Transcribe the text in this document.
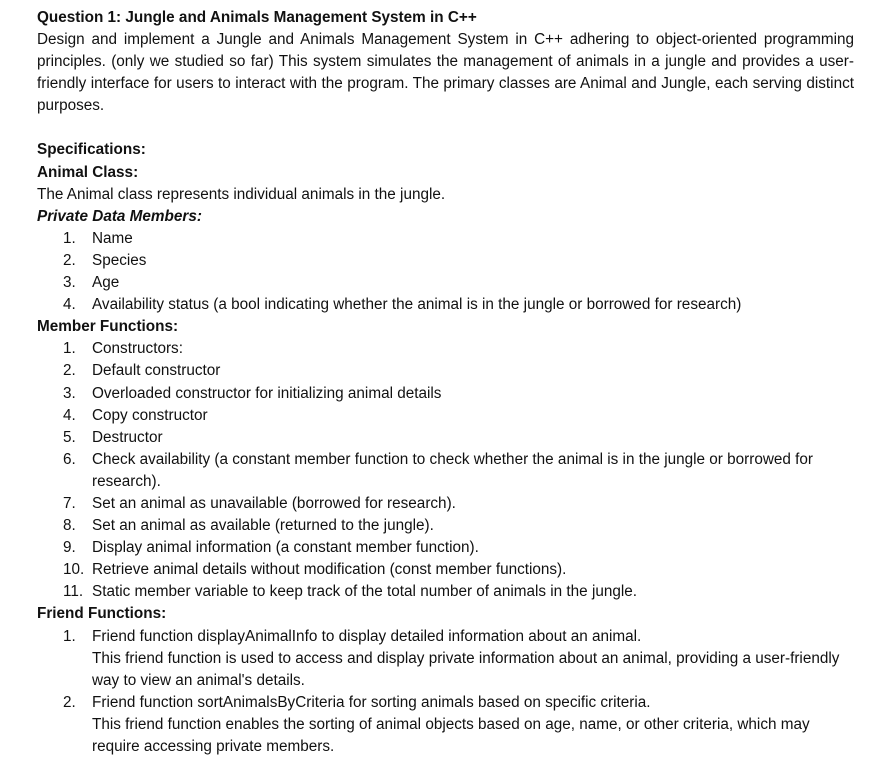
Question 1: Jungle and Animals Management System in C++
Design and implement a Jungle and Animals Management System in C++ adhering to object-oriented programming principles. (only we studied so far) This system simulates the management of animals in a jungle and provides a user-friendly interface for users to interact with the program. The primary classes are Animal and Jungle, each serving distinct purposes.
Specifications:
Animal Class:
The Animal class represents individual animals in the jungle.
Private Data Members:
1.	Name
2.	Species
3.	Age
4.	Availability status (a bool indicating whether the animal is in the jungle or borrowed for research)
Member Functions:
1.	Constructors:
2.	Default constructor
3.	Overloaded constructor for initializing animal details
4.	Copy constructor
5.	Destructor
6.	Check availability (a constant member function to check whether the animal is in the jungle or borrowed for research).
7.	Set an animal as unavailable (borrowed for research).
8.	Set an animal as available (returned to the jungle).
9.	Display animal information (a constant member function).
10. Retrieve animal details without modification (const member functions).
11. Static member variable to keep track of the total number of animals in the jungle.
Friend Functions:
1.	Friend function displayAnimalInfo to display detailed information about an animal.
This friend function is used to access and display private information about an animal, providing a user-friendly way to view an animal's details.
2.	Friend function sortAnimalsByCriteria for sorting animals based on specific criteria.
This friend function enables the sorting of animal objects based on age, name, or other criteria, which may require accessing private members.
